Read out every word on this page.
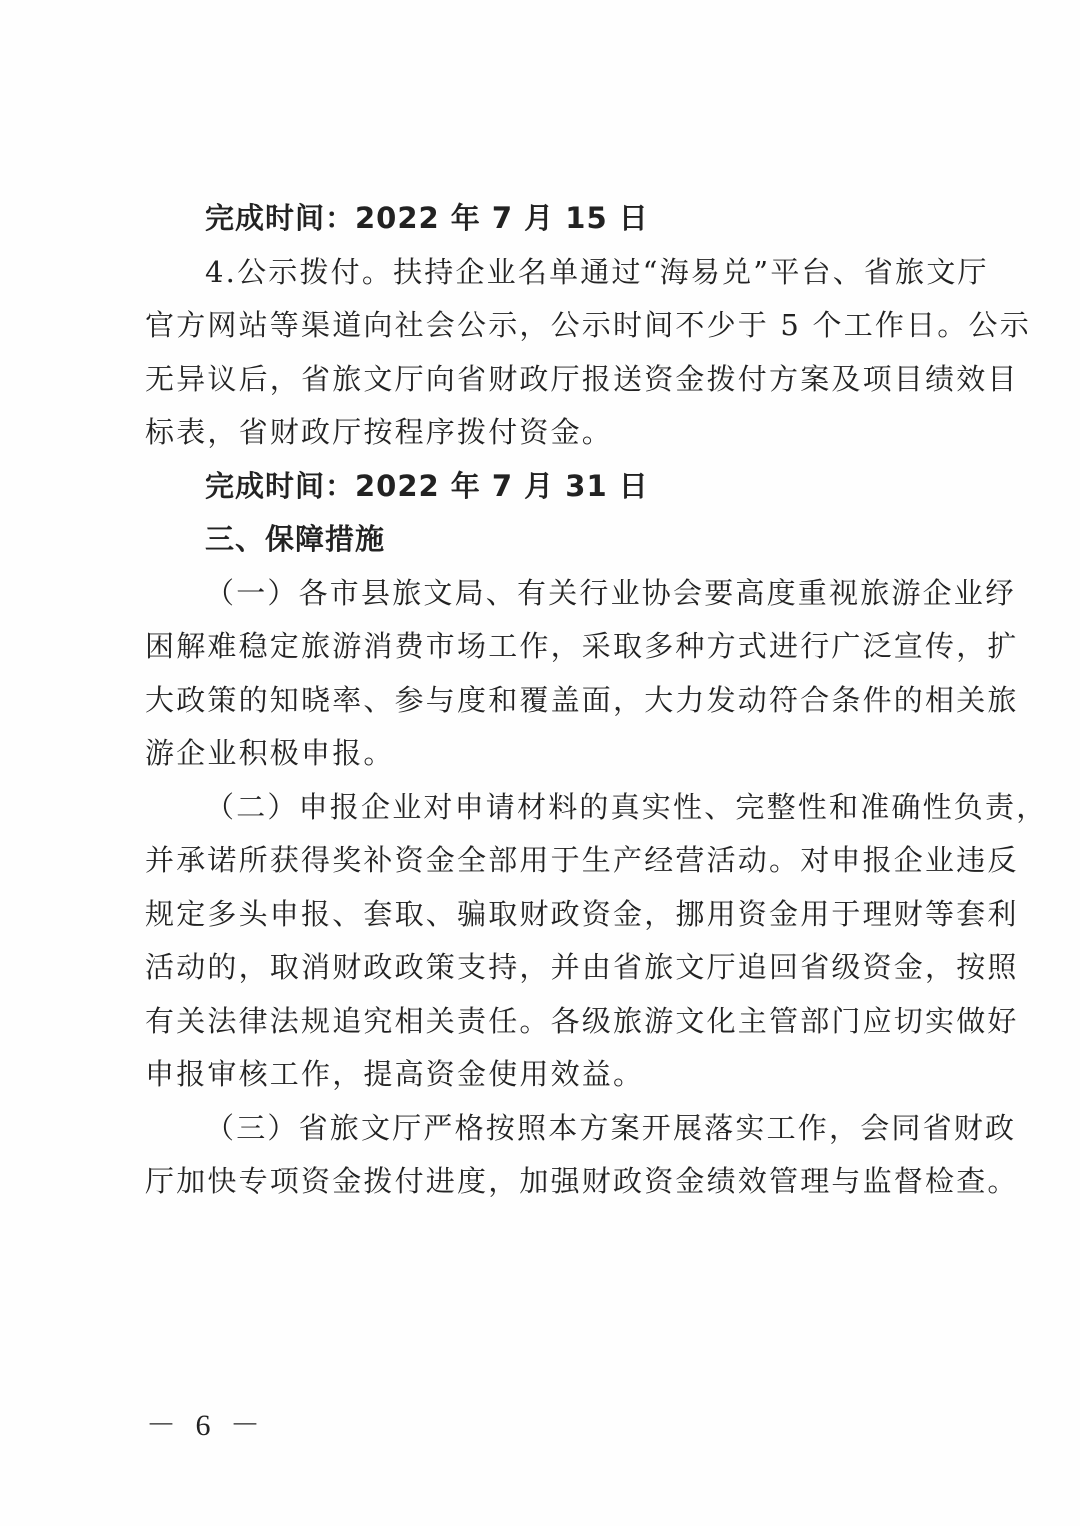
完成时间：2022 年 7 月 15 日
4.公示拨付。扶持企业名单通过“海易兑”平台、省旅文厅
官方网站等渠道向社会公示，公示时间不少于 5 个工作日。公示
无异议后，省旅文厅向省财政厅报送资金拨付方案及项目绩效目
标表，省财政厅按程序拨付资金。
完成时间：2022 年 7 月 31 日
三、保障措施
（一）各市县旅文局、有关行业协会要高度重视旅游企业纾
困解难稳定旅游消费市场工作，采取多种方式进行广泛宣传，扩
大政策的知晓率、参与度和覆盖面，大力发动符合条件的相关旅
游企业积极申报。
（二）申报企业对申请材料的真实性、完整性和准确性负责，
并承诺所获得奖补资金全部用于生产经营活动。对申报企业违反
规定多头申报、套取、骗取财政资金，挪用资金用于理财等套利
活动的，取消财政政策支持，并由省旅文厅追回省级资金，按照
有关法律法规追究相关责任。各级旅游文化主管部门应切实做好
申报审核工作，提高资金使用效益。
（三）省旅文厅严格按照本方案开展落实工作，会同省财政
厅加快专项资金拨付进度，加强财政资金绩效管理与监督检查。
－ 6 －
